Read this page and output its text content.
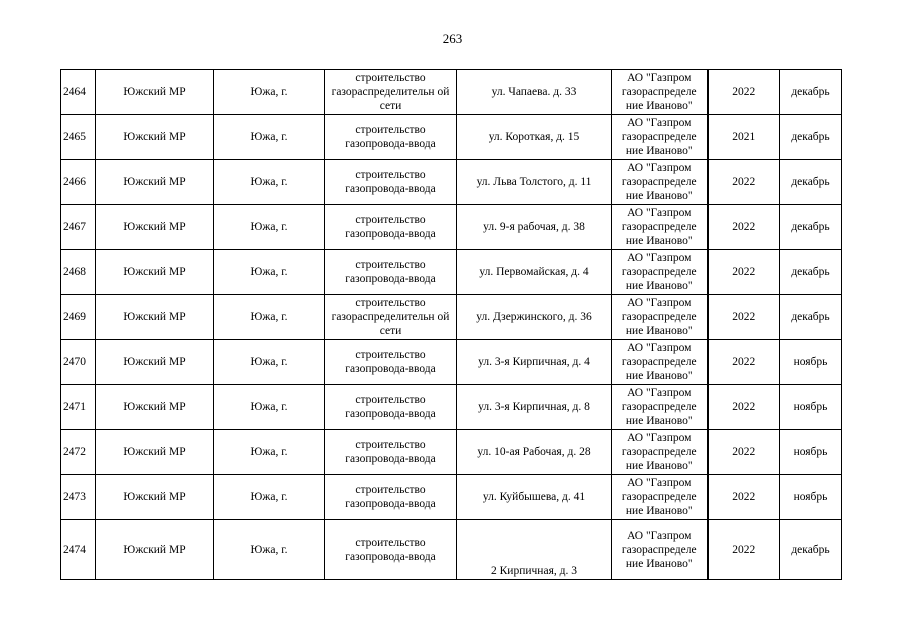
263
2464	Южский МР	Южа, г.	строительство газораспределительн ой сети	ул. Чапаева. д. 33	АО "Газпром газораспределе ние Иваново"	2022	декабрь
2465	Южский МР	Южа, г.	строительство газопровода-ввода	ул. Короткая, д. 15	АО "Газпром газораспределе ние Иваново"	2021	декабрь
2466	Южский МР	Южа, г.	строительство газопровода-ввода	ул. Льва Толстого, д. 11	АО "Газпром газораспределе ние Иваново"	2022	декабрь
2467	Южский МР	Южа, г.	строительство газопровода-ввода	ул. 9-я рабочая, д. 38	АО "Газпром газораспределе ние Иваново"	2022	декабрь
2468	Южский МР	Южа, г.	строительство газопровода-ввода	ул. Первомайская, д. 4	АО "Газпром газораспределе ние Иваново"	2022	декабрь
2469	Южский МР	Южа, г.	строительство газораспределительн ой сети	ул. Дзержинского, д. 36	АО "Газпром газораспределе ние Иваново"	2022	декабрь
2470	Южский МР	Южа, г.	строительство газопровода-ввода	ул. 3-я Кирпичная, д. 4	АО "Газпром газораспределе ние Иваново"	2022	ноябрь
2471	Южский МР	Южа, г.	строительство газопровода-ввода	ул. 3-я Кирпичная, д. 8	АО "Газпром газораспределе ние Иваново"	2022	ноябрь
2472	Южский МР	Южа, г.	строительство газопровода-ввода	ул. 10-ая Рабочая, д. 28	АО "Газпром газораспределе ние Иваново"	2022	ноябрь
2473	Южский МР	Южа, г.	строительство газопровода-ввода	ул. Куйбышева, д. 41	АО "Газпром газораспределе ние Иваново"	2022	ноябрь
2474	Южский МР	Южа, г.	строительство газопровода-ввода	2 Кирпичная, д. 3	АО "Газпром газораспределе ние Иваново"	2022	декабрь
